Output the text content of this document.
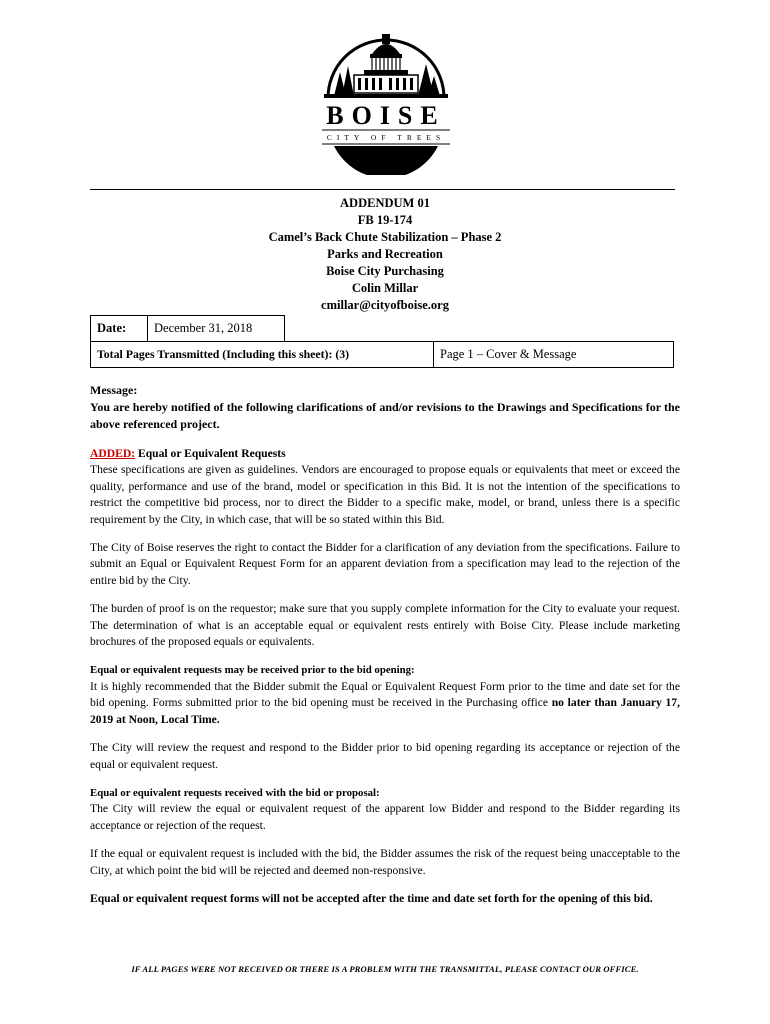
BOISE
CITY OF TREES
ADDENDUM 01
FB 19-174
Camel’s Back Chute Stabilization – Phase 2
Parks and Recreation
Boise City Purchasing
Colin Millar
cmillar@cityofboise.org
Date:	December 31, 2018	
Total Pages Transmitted (Including this sheet): (3)	Page 1 – Cover & Message

Message:

You are hereby notified of the following clarifications of and/or revisions to the Drawings and Specifications for the above referenced project.

ADDED: Equal or Equivalent Requests

These specifications are given as guidelines. Vendors are encouraged to propose equals or equivalents that meet or exceed the quality, performance and use of the brand, model or specification in this Bid. It is not the intention of the specifications to restrict the competitive bid process, nor to direct the Bidder to a specific make, model, or brand, unless there is a specific requirement by the City, in which case, that will be so stated within this Bid.

The City of Boise reserves the right to contact the Bidder for a clarification of any deviation from the specifications. Failure to submit an Equal or Equivalent Request Form for an apparent deviation from a specification may lead to the rejection of the entire bid by the City.

The burden of proof is on the requestor; make sure that you supply complete information for the City to evaluate your request. The determination of what is an acceptable equal or equivalent rests entirely with Boise City. Please include marketing brochures of the proposed equals or equivalents.

Equal or equivalent requests may be received prior to the bid opening:

It is highly recommended that the Bidder submit the Equal or Equivalent Request Form prior to the time and date set for the bid opening. Forms submitted prior to the bid opening must be received in the Purchasing office no later than January 17, 2019 at Noon, Local Time.

The City will review the request and respond to the Bidder prior to bid opening regarding its acceptance or rejection of the equal or equivalent request.

Equal or equivalent requests received with the bid or proposal:

The City will review the equal or equivalent request of the apparent low Bidder and respond to the Bidder regarding its acceptance or rejection of the request.

If the equal or equivalent request is included with the bid, the Bidder assumes the risk of the request being unacceptable to the City, at which point the bid will be rejected and deemed non-responsive.

Equal or equivalent request forms will not be accepted after the time and date set forth for the opening of this bid.

IF ALL PAGES WERE NOT RECEIVED OR THERE IS A PROBLEM WITH THE TRANSMITTAL, PLEASE CONTACT OUR OFFICE.
